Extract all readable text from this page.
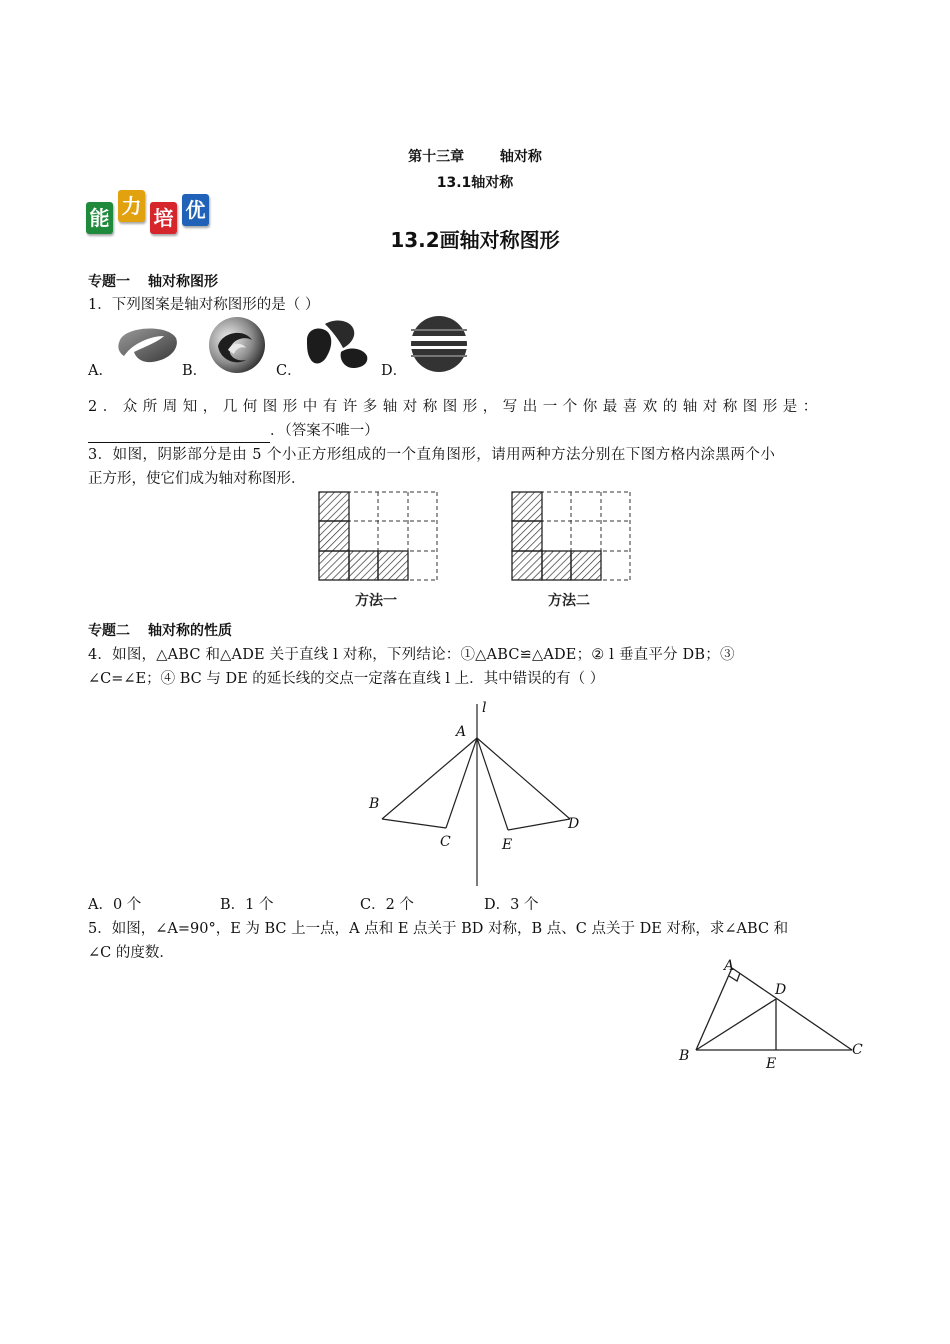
第十三章	轴对称
13.1轴对称
能 力 培 优
13.2画轴对称图形
专题一 轴对称图形
1．下列图案是轴对称图形的是（ ）
A．	B．	C．	D．
2．众所周知，几何图形中有许多轴对称图形，写出一个你最喜欢的轴对称图形是：
．（答案不唯一）
3．如图，阴影部分是由 5 个小正方形组成的一个直角图形，请用两种方法分别在下图方格内涂黑两个小
正方形，使它们成为轴对称图形．
方法一	方法二
专题二 轴对称的性质
4．如图，△ABC 和△ADE 关于直线 l 对称，下列结论：①△ABC≌△ADE；② l 垂直平分 DB；③
∠C=∠E；④ BC 与 DE 的延长线的交点一定落在直线 l 上．其中错误的有（ ）
l
A
B
C
D
E
A．0 个	B．1 个	C．2 个	D．3 个
5．如图，∠A=90°，E 为 BC 上一点，A 点和 E 点关于 BD 对称，B 点、C 点关于 DE 对称，求∠ABC 和
∠C 的度数．
A
B	C
D
E
